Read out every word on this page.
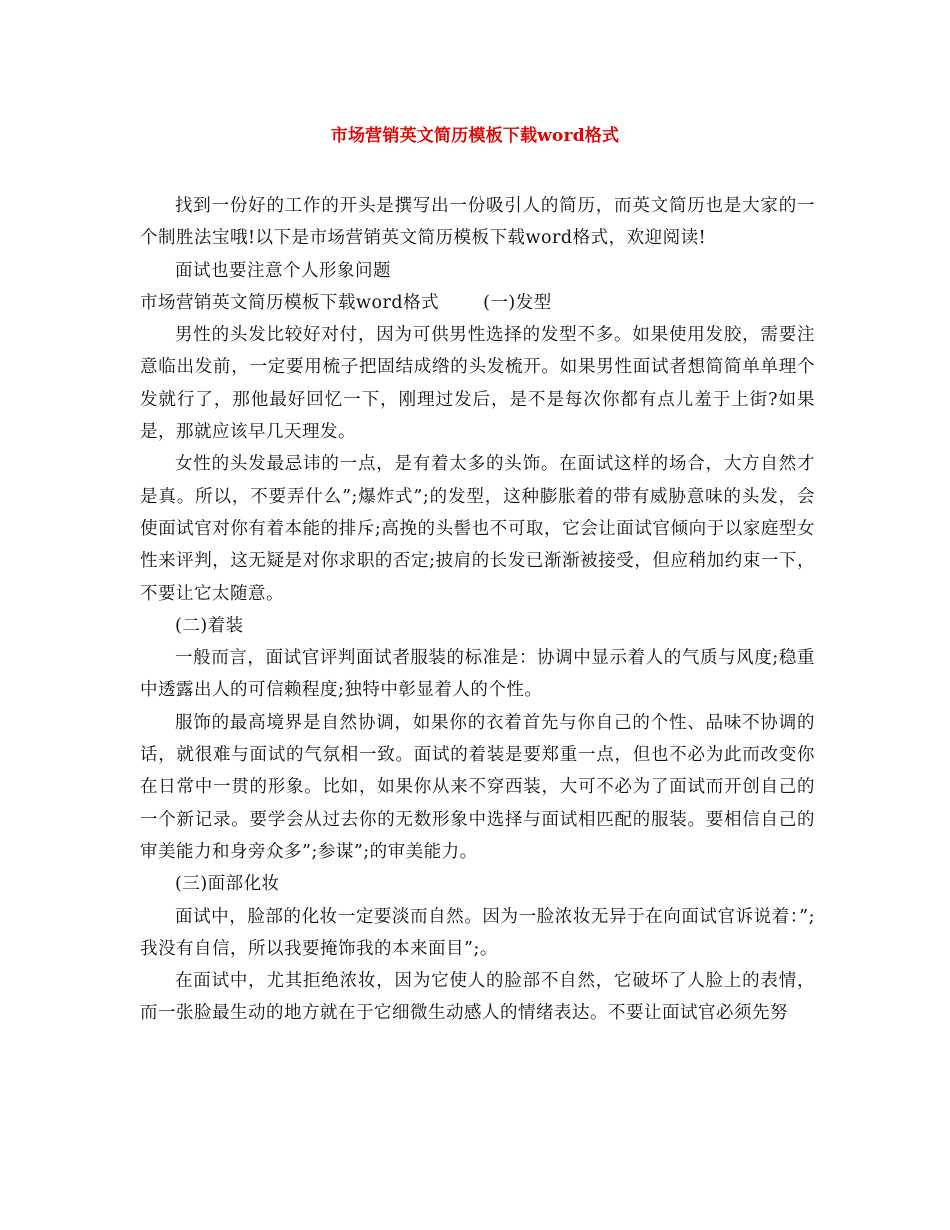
市场营销英文简历模板下载word格式

找到一份好的工作的开头是撰写出一份吸引人的简历，而英文简历也是大家的一个制胜法宝哦!以下是市场营销英文简历模板下载word格式，欢迎阅读!

面试也要注意个人形象问题

市场营销英文简历模板下载word格式	(一)发型

男性的头发比较好对付，因为可供男性选择的发型不多。如果使用发胶，需要注意临出发前，一定要用梳子把固结成绺的头发梳开。如果男性面试者想简简单单理个发就行了，那他最好回忆一下，刚理过发后，是不是每次你都有点儿羞于上街?如果是，那就应该早几天理发。

女性的头发最忌讳的一点，是有着太多的头饰。在面试这样的场合，大方自然才是真。所以，不要弄什么”;爆炸式”;的发型，这种膨胀着的带有威胁意味的头发，会使面试官对你有着本能的排斥;高挽的头髻也不可取，它会让面试官倾向于以家庭型女性来评判，这无疑是对你求职的否定;披肩的长发已渐渐被接受，但应稍加约束一下，不要让它太随意。

(二)着装

一般而言，面试官评判面试者服装的标准是：协调中显示着人的气质与风度;稳重中透露出人的可信赖程度;独特中彰显着人的个性。

服饰的最高境界是自然协调，如果你的衣着首先与你自己的个性、品味不协调的话，就很难与面试的气氛相一致。面试的着装是要郑重一点，但也不必为此而改变你在日常中一贯的形象。比如，如果你从来不穿西装，大可不必为了面试而开创自己的一个新记录。要学会从过去你的无数形象中选择与面试相匹配的服装。要相信自己的审美能力和身旁众多”;参谋”;的审美能力。

(三)面部化妆

面试中，脸部的化妆一定要淡而自然。因为一脸浓妆无异于在向面试官诉说着：”;我没有自信，所以我要掩饰我的本来面目”;。

在面试中，尤其拒绝浓妆，因为它使人的脸部不自然，它破坏了人脸上的表情，而一张脸最生动的地方就在于它细微生动感人的情绪表达。不要让面试官必须先努
